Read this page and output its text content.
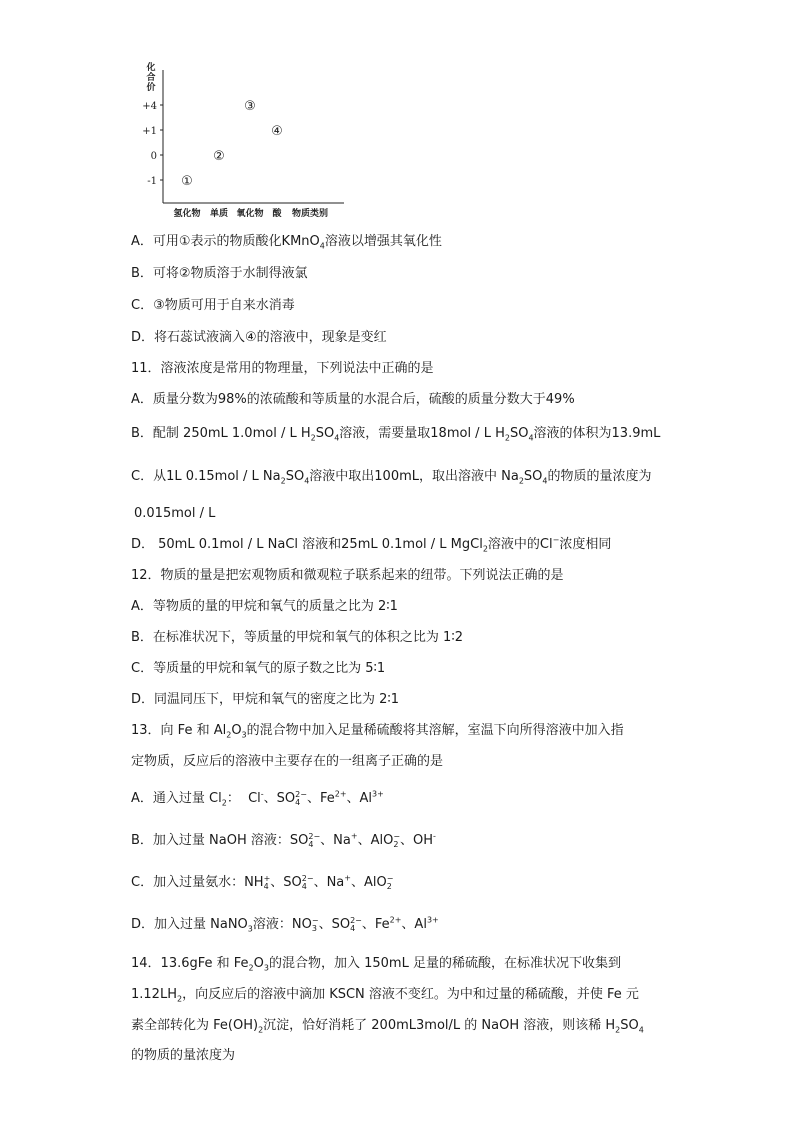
化合价
+4
+1
0
-1
氢化物 单质 氧化物 酸 物质类别
①
②
③
④
A．可用①表示的物质酸化KMnO$_4$溶液以增强其氧化性
B．可将②物质溶于水制得液氯
C．③物质可用于自来水消毒
D．将石蕊试液滴入④的溶液中，现象是变红
11．溶液浓度是常用的物理量，下列说法中正确的是
A．质量分数为98%的浓硫酸和等质量的水混合后，硫酸的质量分数大于49%
B．配制 250mL 1.0mol / L $H_2SO_4$溶液，需要量取18mol / L $H_2SO_4$溶液的体积为13.9mL
C．从1L 0.15mol / L $Na_2SO_4$溶液中取出100mL，取出溶液中 $Na_2SO_4$的物质的量浓度为
0.015mol / L
D． 50mL 0.1mol / L NaCl 溶液和25mL 0.1mol / L MgCl$_2$溶液中的Cl−浓度相同
12．物质的量是把宏观物质和微观粒子联系起来的纽带。下列说法正确的是
A．等物质的量的甲烷和氧气的质量之比为 2∶1
B．在标准状况下，等质量的甲烷和氧气的体积之比为 1∶2
C．等质量的甲烷和氧气的原子数之比为 5∶1
D．同温同压下，甲烷和氧气的密度之比为 2∶1
13．向 Fe 和 $Al_2O_3$的混合物中加入足量稀硫酸将其溶解，室温下向所得溶液中加入指
定物质，反应后的溶液中主要存在的一组离子正确的是
A．通入过量 $Cl_2$：  Cl-、SO 2−
4 、$Fe^{2+}$、$Al^{3+}$
B．加入过量 NaOH 溶液：SO 2−
4 、Na+、AlO −
2 、OH-
C．加入过量氨水：NH +
4 、SO 2−
4 、Na+、AlO −
2
D．加入过量 NaNO$_3$溶液：NO −
3 、SO 2−
4 、$Fe^{2+}$、$Al^{3+}$
14．13.6gFe 和 $Fe_2O_3$的混合物，加入 150mL 足量的稀硫酸，在标准状况下收集到
$1.12LH_2$，向反应后的溶液中滴加 KSCN 溶液不变红。为中和过量的稀硫酸，并使 Fe 元
素全部转化为 $Fe(OH)_2$沉淀，恰好消耗了 200mL3mol/L 的 NaOH 溶液，则该稀 $H_2SO_4$
的物质的量浓度为
